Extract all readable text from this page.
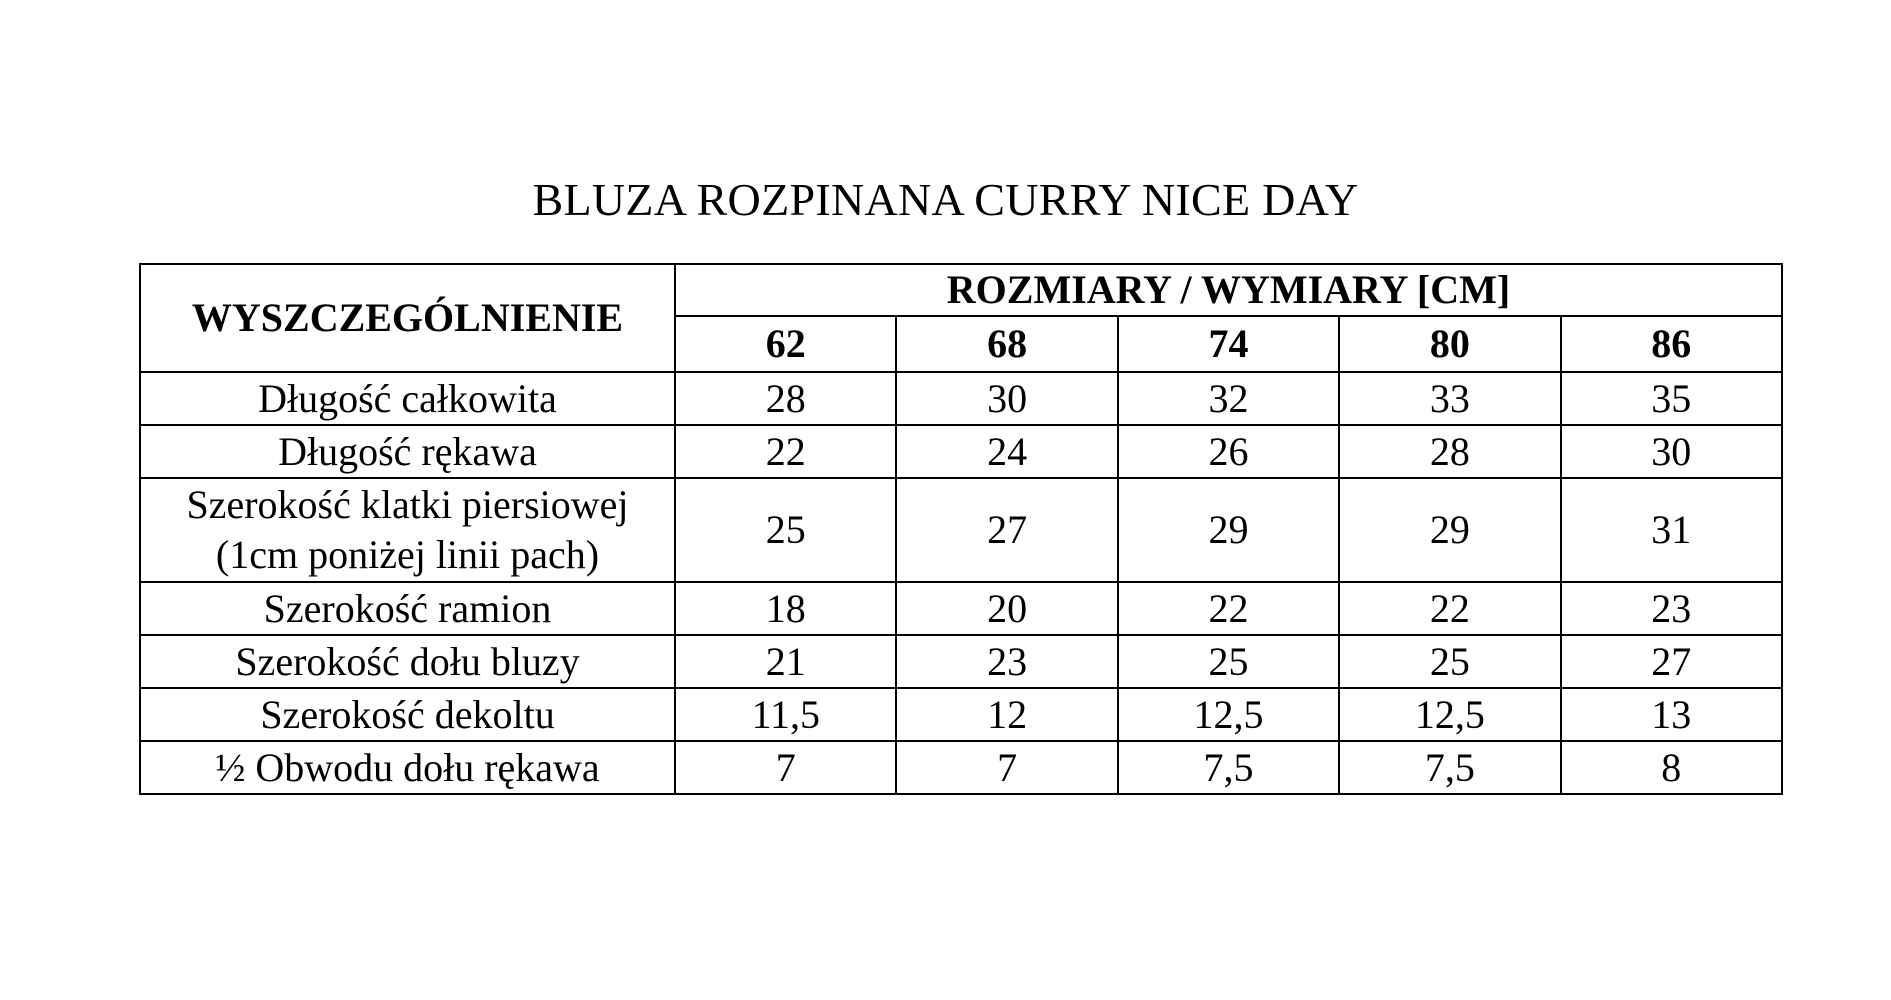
BLUZA ROZPINANA CURRY NICE DAY
WYSZCZEGÓLNIENIE	ROZMIARY / WYMIARY [CM]				
	62	68	74	80	86
Długość całkowita	28	30	32	33	35
Długość rękawa	22	24	26	28	30

Szerokość klatki piersiowej
(1cm poniżej linii pach)	25	27	29	29	31
Szerokość ramion	18	20	22	22	23
Szerokość dołu bluzy	21	23	25	25	27
Szerokość dekoltu	11,5	12	12,5	12,5	13
½ Obwodu dołu rękawa	7	7	7,5	7,5	8
